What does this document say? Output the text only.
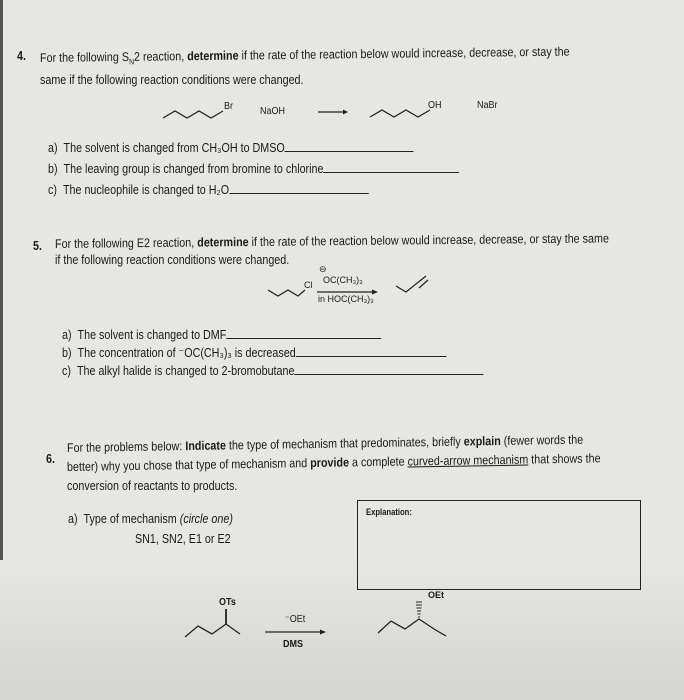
4. For the following $S_N2$ reaction, determine if the rate of the reaction below would increase, decrease, or stay the
same if the following reaction conditions were changed.
Br	NaOH
OH	NaBr
a) The solvent is changed from CH₃OH to DMSO
b) The leaving group is changed from bromine to chlorine
c) The nucleophile is changed to H₂O
5. For the following E2 reaction, determine if the rate of the reaction below would increase, decrease, or stay the same
if the following reaction conditions were changed.
Cl
⊖
OC(CH₃)₃
in HOC(CH₃)₃
a) The solvent is changed to DMF
b) The concentration of ⁻OC(CH₃)₃ is decreased
c) The alkyl halide is changed to 2-bromobutane
6.
For the problems below: Indicate the type of mechanism that predominates, briefly explain (fewer words the
better) why you chose that type of mechanism and provide a complete curved-arrow mechanism that shows the
conversion of reactants to products.
a) Type of mechanism (circle one)
SN1, SN2, E1 or E2
Explanation:
OTs
⁻OEt
DMS
OEt
